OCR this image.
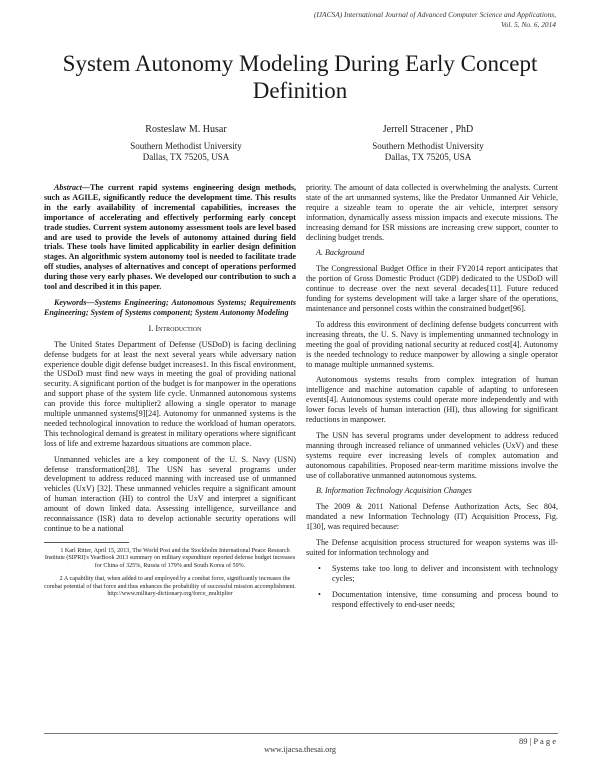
(IJACSA) International Journal of Advanced Computer Science and Applications,
Vol. 5, No. 6, 2014
System Autonomy Modeling During Early Concept Definition
Rosteslaw M. Husar
Southern Methodist University
Dallas, TX 75205, USA
Jerrell Stracener , PhD
Southern Methodist University
Dallas, TX 75205, USA

Abstract—The current rapid systems engineering design methods, such as AGILE, significantly reduce the development time. This results in the early availability of incremental capabilities, increases the importance of accelerating and effectively performing early concept trade studies. Current system autonomy assessment tools are level based and are used to provide the levels of autonomy attained during field trials. These tools have limited applicability in earlier design definition stages. An algorithmic system autonomy tool is needed to facilitate trade off studies, analyses of alternatives and concept of operations performed during those very early phases. We developed our contribution to such a tool and described it in this paper.

Keywords—Systems Engineering; Autonomous Systems; Requirements Engineering; System of Systems component; System Autonomy Modeling

I. Introduction

The United States Department of Defense (USDoD) is facing declining defense budgets for at least the next several years while adversary nation experience double digit defense budget increases1. In this fiscal environment, the USDoD must find new ways in meeting the goal of providing national security. A significant portion of the budget is for manpower in the operations and support phase of the system life cycle. Unmanned autonomous systems can provide this force multiplier2 allowing a single operator to manage multiple unmanned systems[9][24]. Autonomy for unmanned systems is the needed technological innovation to reduce the workload of human operators. This technological demand is greatest in military operations where significant loss of life and extreme hazardous situations are common place.

Unmanned vehicles are a key component of the U. S. Navy (USN) defense transformation[28]. The USN has several programs under development to address reduced manning with increased use of unmanned vehicles (UxV) [32]. These unmanned vehicles require a significant amount of human interaction (HI) to control the UxV and interpret a significant amount of down linked data. Assessing intelligence, surveillance and reconnaissance (ISR) data to develop actionable security operations will continue to be a national

1 Karl Ritter, April 15, 2013, The World Post and the Stockholm International Peace Research Institute (SIPRI)'s YearBook 2013 summary on military expenditure reported defense budget increases for China of 325%, Russia of 179% and South Korea of 59%.

2 A capability that, when added to and employed by a combat force, significantly increases the combat potential of that force and thus enhances the probability of successful mission accomplishment. http://www.military-dictionary.org/force_multiplier

priority. The amount of data collected is overwhelming the analysts. Current state of the art unmanned systems, like the Predator Unmanned Air Vehicle, require a sizeable team to operate the air vehicle, interpret sensory information, dynamically assess mission impacts and execute missions. The increasing demand for ISR missions are increasing crew support, counter to declining budget trends.

A. Background

The Congressional Budget Office in their FY2014 report anticipates that the portion of Gross Domestic Product (GDP) dedicated to the USDoD will continue to decrease over the next several decades[11]. Future reduced funding for systems development will take a larger share of the operations, maintenance and personnel costs within the constrained budget[96].

To address this environment of declining defense budgets concurrent with increasing threats, the U. S. Navy is implementing unmanned technology in meeting the goal of providing national security at reduced cost[4]. Autonomy is the needed technology to reduce manpower by allowing a single operator to manage multiple unmanned systems.

Autonomous systems results from complex integration of human intelligence and machine automation capable of adapting to unforeseen events[4]. Autonomous systems could operate more independently and with lower focus levels of human interaction (HI), thus allowing for significant reductions in manpower.

The USN has several programs under development to address reduced manning through increased reliance of unmanned vehicles (UxV) and these systems require ever increasing levels of complex automation and autonomous capabilities. Proposed near-term maritime missions involve the use of collaborative unmanned autonomous systems.

B. Information Technology Acquisition Changes

The 2009 & 2011 National Defense Authorization Acts, Sec 804, mandated a new Information Technology (IT) Acquisition Process, Fig. 1[30], was required because:

The Defense acquisition process structured for weapon systems was ill-suited for information technology and

• Systems take too long to deliver and inconsistent with technology cycles;
• Documentation intensive, time consuming and process bound to respond effectively to end-user needs;
89 | P a g e
www.ijacsa.thesai.org
